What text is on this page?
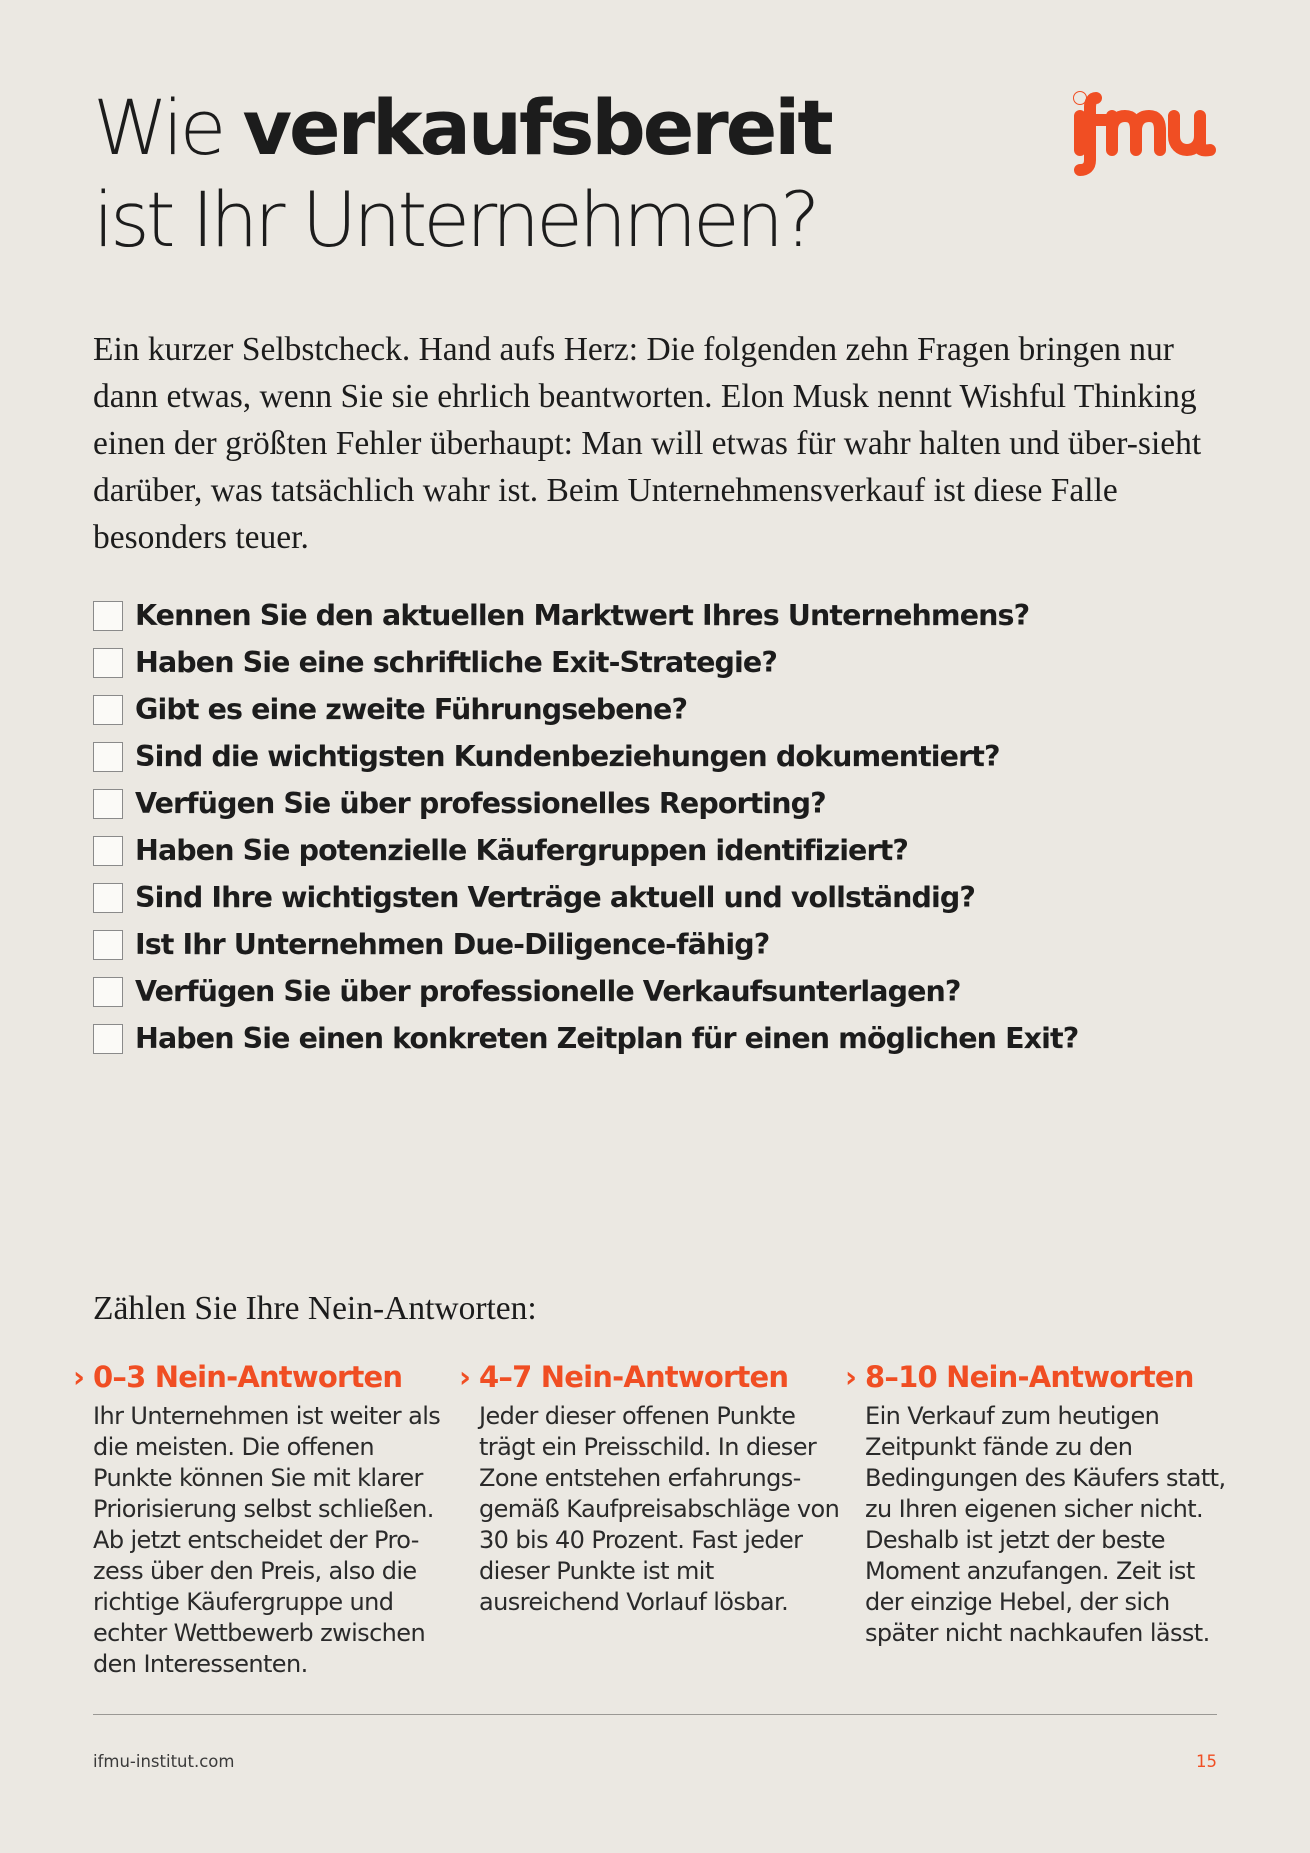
Wie verkaufsbereit
ist Ihr Unternehmen?

Ein kurzer Selbstcheck. Hand aufs Herz: Die folgenden zehn Fragen bringen nur dann etwas, wenn Sie sie ehrlich beantworten. Elon Musk nennt Wishful Thinking einen der größten Fehler überhaupt: Man will etwas für wahr halten und über-sieht darüber, was tatsächlich wahr ist. Beim Unternehmensverkauf ist diese Falle besonders teuer.

Kennen Sie den aktuellen Marktwert Ihres Unternehmens?
Haben Sie eine schriftliche Exit-Strategie?
Gibt es eine zweite Führungsebene?
Sind die wichtigsten Kundenbeziehungen dokumentiert?
Verfügen Sie über professionelles Reporting?
Haben Sie potenzielle Käufergruppen identifiziert?
Sind Ihre wichtigsten Verträge aktuell und vollständig?
Ist Ihr Unternehmen Due-Diligence-fähig?
Verfügen Sie über professionelle Verkaufsunterlagen?
Haben Sie einen konkreten Zeitplan für einen möglichen Exit?
Zählen Sie Ihre Nein-Antworten:
› 0–3 Nein-Antworten

Ihr Unternehmen ist weiter als die meisten. Die offenen Punkte können Sie mit klarer Priorisierung selbst schließen. Ab jetzt entscheidet der Pro-zess über den Preis, also die richtige Käufergruppe und echter Wettbewerb zwischen den Interessenten.

› 4–7 Nein-Antworten

Jeder dieser offenen Punkte trägt ein Preisschild. In dieser Zone entstehen erfahrungs-gemäß Kaufpreisabschläge von 30 bis 40 Prozent. Fast jeder dieser Punkte ist mit ausreichend Vorlauf lösbar.

› 8–10 Nein-Antworten

Ein Verkauf zum heutigen Zeitpunkt fände zu den Bedingungen des Käufers statt, zu Ihren eigenen sicher nicht. Deshalb ist jetzt der beste Moment anzufangen. Zeit ist der einzige Hebel, der sich später nicht nachkaufen lässt.

ifmu-institut.com	15
